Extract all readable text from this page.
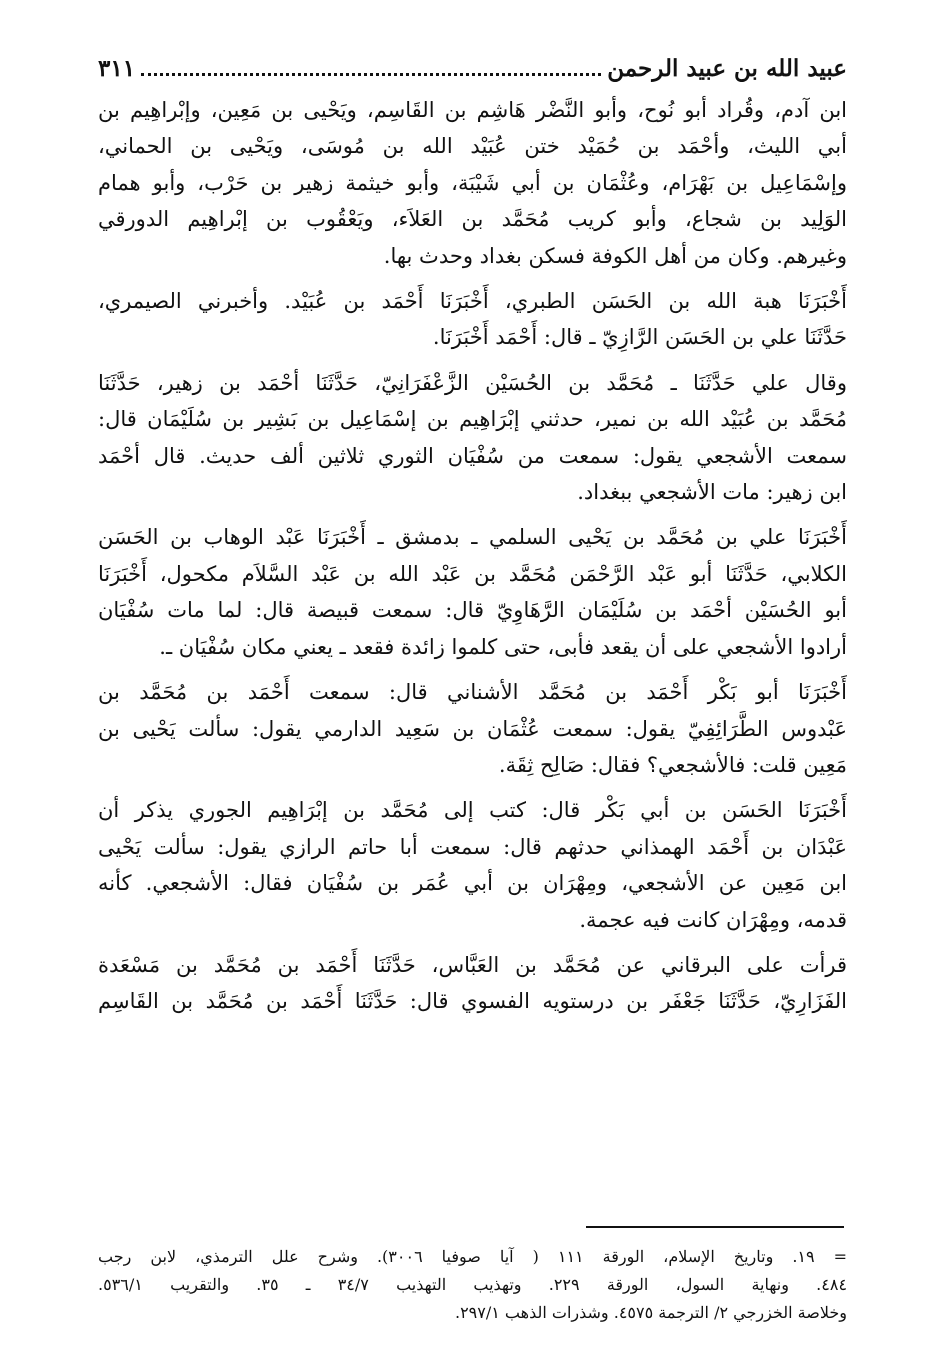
عبيد الله بن عبيد الرحمن
٣١١
ابن آدم، وقُراد أبو نُوح، وأبو النَّضْر هَاشِم بن القَاسِم، ويَحْيى بن مَعِين، وإبْراهِيم بن
أبي الليث، وأحْمَد بن حُمَيْد ختن عُبَيْد الله بن مُوسَى، ويَحْيى بن الحماني،
وإسْمَاعِيل بن بَهْرَام، وعُثْمَان بن أبي شَيْبَة، وأبو خيثمة زهير بن حَرْب، وأبو همام
الوَلِيد بن شجاع، وأبو كريب مُحَمَّد بن العَلاَء، ويَعْقُوب بن إبْراهِيم الدورقي
وغيرهم. وكان من أهل الكوفة فسكن بغداد وحدث بها.
أَخْبَرَنَا هبة الله بن الحَسَن الطبري، أَخْبَرَنَا أَحْمَد بن عُبَيْد. وأخبرني الصيمري،
حَدَّثَنَا علي بن الحَسَن الرَّازِيّ ـ قال: أَحْمَد أَخْبَرَنَا.
وقال علي حَدَّثَنَا ـ مُحَمَّد بن الحُسَيْن الزَّعْفَرَانِيّ، حَدَّثَنَا أحْمَد بن زهير، حَدَّثَنَا
مُحَمَّد بن عُبَيْد الله بن نمير، حدثني إبْرَاهِيم بن إسْمَاعِيل بن بَشِير بن سُلَيْمَان قال:
سمعت الأشجعي يقول: سمعت من سُفْيَان الثوري ثلاثين ألف حديث. قال أحْمَد
ابن زهير: مات الأشجعي ببغداد.
أَخْبَرَنَا علي بن مُحَمَّد بن يَحْيى السلمي ـ بدمشق ـ أَخْبَرَنَا عَبْد الوهاب بن الحَسَن
الكلابي، حَدَّثَنَا أبو عَبْد الرَّحْمَن مُحَمَّد بن عَبْد الله بن عَبْد السَّلاَم مكحول، أَخْبَرَنَا
أبو الحُسَيْن أحْمَد بن سُلَيْمَان الرَّهَاوِيّ قال: سمعت قبيصة قال: لما مات سُفْيَان
أرادوا الأشجعي على أن يقعد فأبى، حتى كلموا زائدة فقعد ـ يعني مكان سُفْيَان ـ.
أَخْبَرَنَا أبو بَكْر أَحْمَد بن مُحَمَّد الأشناني قال: سمعت أَحْمَد بن مُحَمَّد بن
عَبْدوس الطَّرَائِفِيّ يقول: سمعت عُثْمَان بن سَعِيد الدارمي يقول: سألت يَحْيى بن
مَعِين قلت: فالأشجعي؟ فقال: صَالِح ثِقَة.
أَخْبَرَنَا الحَسَن بن أبي بَكْر قال: كتب إلى مُحَمَّد بن إبْرَاهِيم الجوري يذكر أن
عَبْدَان بن أَحْمَد الهمذاني حدثهم قال: سمعت أبا حاتم الرازي يقول: سألت يَحْيى
ابن مَعِين عن الأشجعي، ومِهْرَان بن أبي عُمَر بن سُفْيَان فقال: الأشجعي. كأنه
قدمه، ومِهْرَان كانت فيه عجمة.
قرأت على البرقاني عن مُحَمَّد بن العَبَّاس، حَدَّثَنَا أَحْمَد بن مُحَمَّد بن مَسْعَدة
الفَزَارِيّ، حَدَّثَنَا جَعْفَر بن درستويه الفسوي قال: حَدَّثَنَا أَحْمَد بن مُحَمَّد بن القَاسِم
= ١٩. وتاريخ الإسلام، الورقة ١١١ ( آيا صوفيا ٣٠٠٦). وشرح علل الترمذي، لابن رجب
٤٨٤. ونهاية السول، الورقة ٢٢٩. وتهذيب التهذيب ٣٤/٧ ـ ٣٥. والتقريب ٥٣٦/١.
وخلاصة الخزرجي ٢/ الترجمة ٤٥٧٥. وشذرات الذهب ٢٩٧/١.
